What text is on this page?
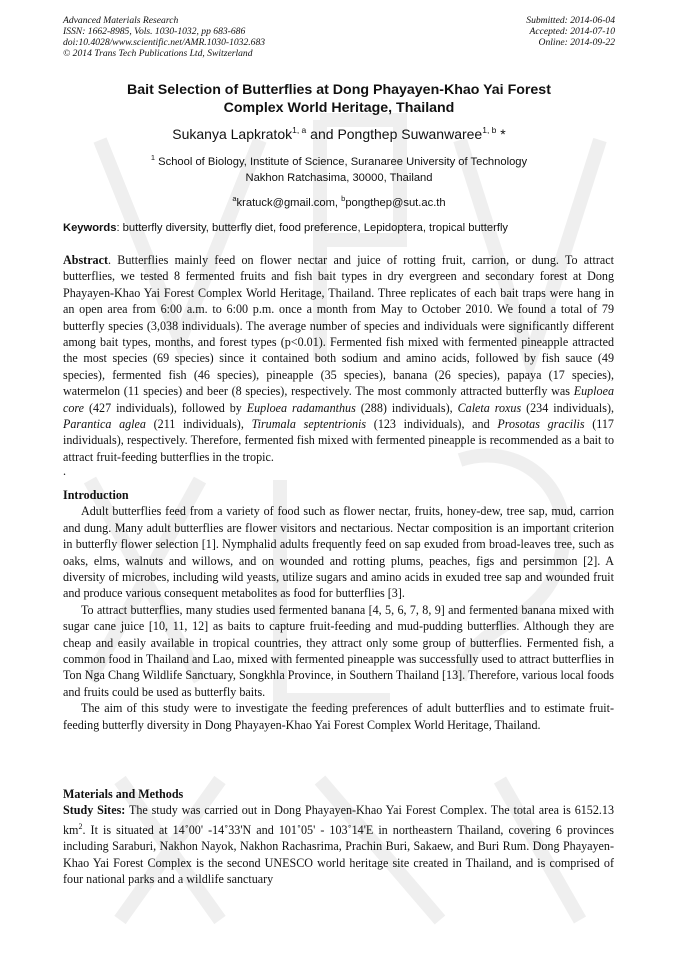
Advanced Materials Research
ISSN: 1662-8985, Vols. 1030-1032, pp 683-686
doi:10.4028/www.scientific.net/AMR.1030-1032.683
© 2014 Trans Tech Publications Ltd, Switzerland
Submitted: 2014-06-04
Accepted: 2014-07-10
Online: 2014-09-22
Bait Selection of Butterflies at Dong Phayayen-Khao Yai Forest
Complex World Heritage, Thailand
Sukanya Lapkratok$^{1, a}$ and Pongthep Suwanwaree$^{1, b}$ *
$^1$ School of Biology, Institute of Science, Suranaree University of Technology
Nakhon Ratchasima, 30000, Thailand
$^a$kratuck@gmail.com, $^b$pongthep@sut.ac.th
Keywords: butterfly diversity, butterfly diet, food preference, Lepidoptera, tropical butterfly

Abstract. Butterflies mainly feed on flower nectar and juice of rotting fruit, carrion, or dung. To attract butterflies, we tested 8 fermented fruits and fish bait types in dry evergreen and secondary forest at Dong Phayayen-Khao Yai Forest Complex World Heritage, Thailand. Three replicates of each bait traps were hang in an open area from 6:00 a.m. to 6:00 p.m. once a month from May to October 2010. We found a total of 79 butterfly species (3,038 individuals). The average number of species and individuals were significantly different among bait types, months, and forest types (p<0.01). Fermented fish mixed with fermented pineapple attracted the most species (69 species) since it contained both sodium and amino acids, followed by fish sauce (49 species), fermented fish (46 species), pineapple (35 species), banana (26 species), papaya (17 species), watermelon (11 species) and beer (8 species), respectively. The most commonly attracted butterfly was Euploea core (427 individuals), followed by Euploea radamanthus (288) individuals), Caleta roxus (234 individuals), Parantica aglea (211 individuals), Tirumala septentrionis (123 individuals), and Prosotas gracilis (117 individuals), respectively. Therefore, fermented fish mixed with fermented pineapple is recommended as a bait to attract fruit-feeding butterflies in the tropic.

.

Introduction

Adult butterflies feed from a variety of food such as flower nectar, fruits, honey-dew, tree sap, mud, carrion and dung. Many adult butterflies are flower visitors and nectarious. Nectar composition is an important criterion in butterfly flower selection [1]. Nymphalid adults frequently feed on sap exuded from broad-leaves tree, such as oaks, elms, walnuts and willows, and on wounded and rotting plums, peaches, figs and persimmon [2]. A diversity of microbes, including wild yeasts, utilize sugars and amino acids in exuded tree sap and wounded fruit and produce various consequent metabolites as food for butterflies [3].

To attract butterflies, many studies used fermented banana [4, 5, 6, 7, 8, 9] and fermented banana mixed with sugar cane juice [10, 11, 12] as baits to capture fruit-feeding and mud-pudding butterflies. Although they are cheap and easily available in tropical countries, they attract only some group of butterflies. Fermented fish, a common food in Thailand and Lao, mixed with fermented pineapple was successfully used to attract butterflies in Ton Nga Chang Wildlife Sanctuary, Songkhla Province, in Southern Thailand [13]. Therefore, various local foods and fruits could be used as butterfly baits.

The aim of this study were to investigate the feeding preferences of adult butterflies and to estimate fruit-feeding butterfly diversity in Dong Phayayen-Khao Yai Forest Complex World Heritage, Thailand.

Materials and Methods

Study Sites: The study was carried out in Dong Phayayen-Khao Yai Forest Complex. The total area is 6152.13 $km^2$. It is situated at 14˚00' -14˚33'N and 101˚05' - 103˚14'E in northeastern Thailand, covering 6 provinces including Saraburi, Nakhon Nayok, Nakhon Rachasrima, Prachin Buri, Sakaew, and Buri Rum. Dong Phayayen-Khao Yai Forest Complex is the second UNESCO world heritage site created in Thailand, and is comprised of four national parks and a wildlife sanctuary
